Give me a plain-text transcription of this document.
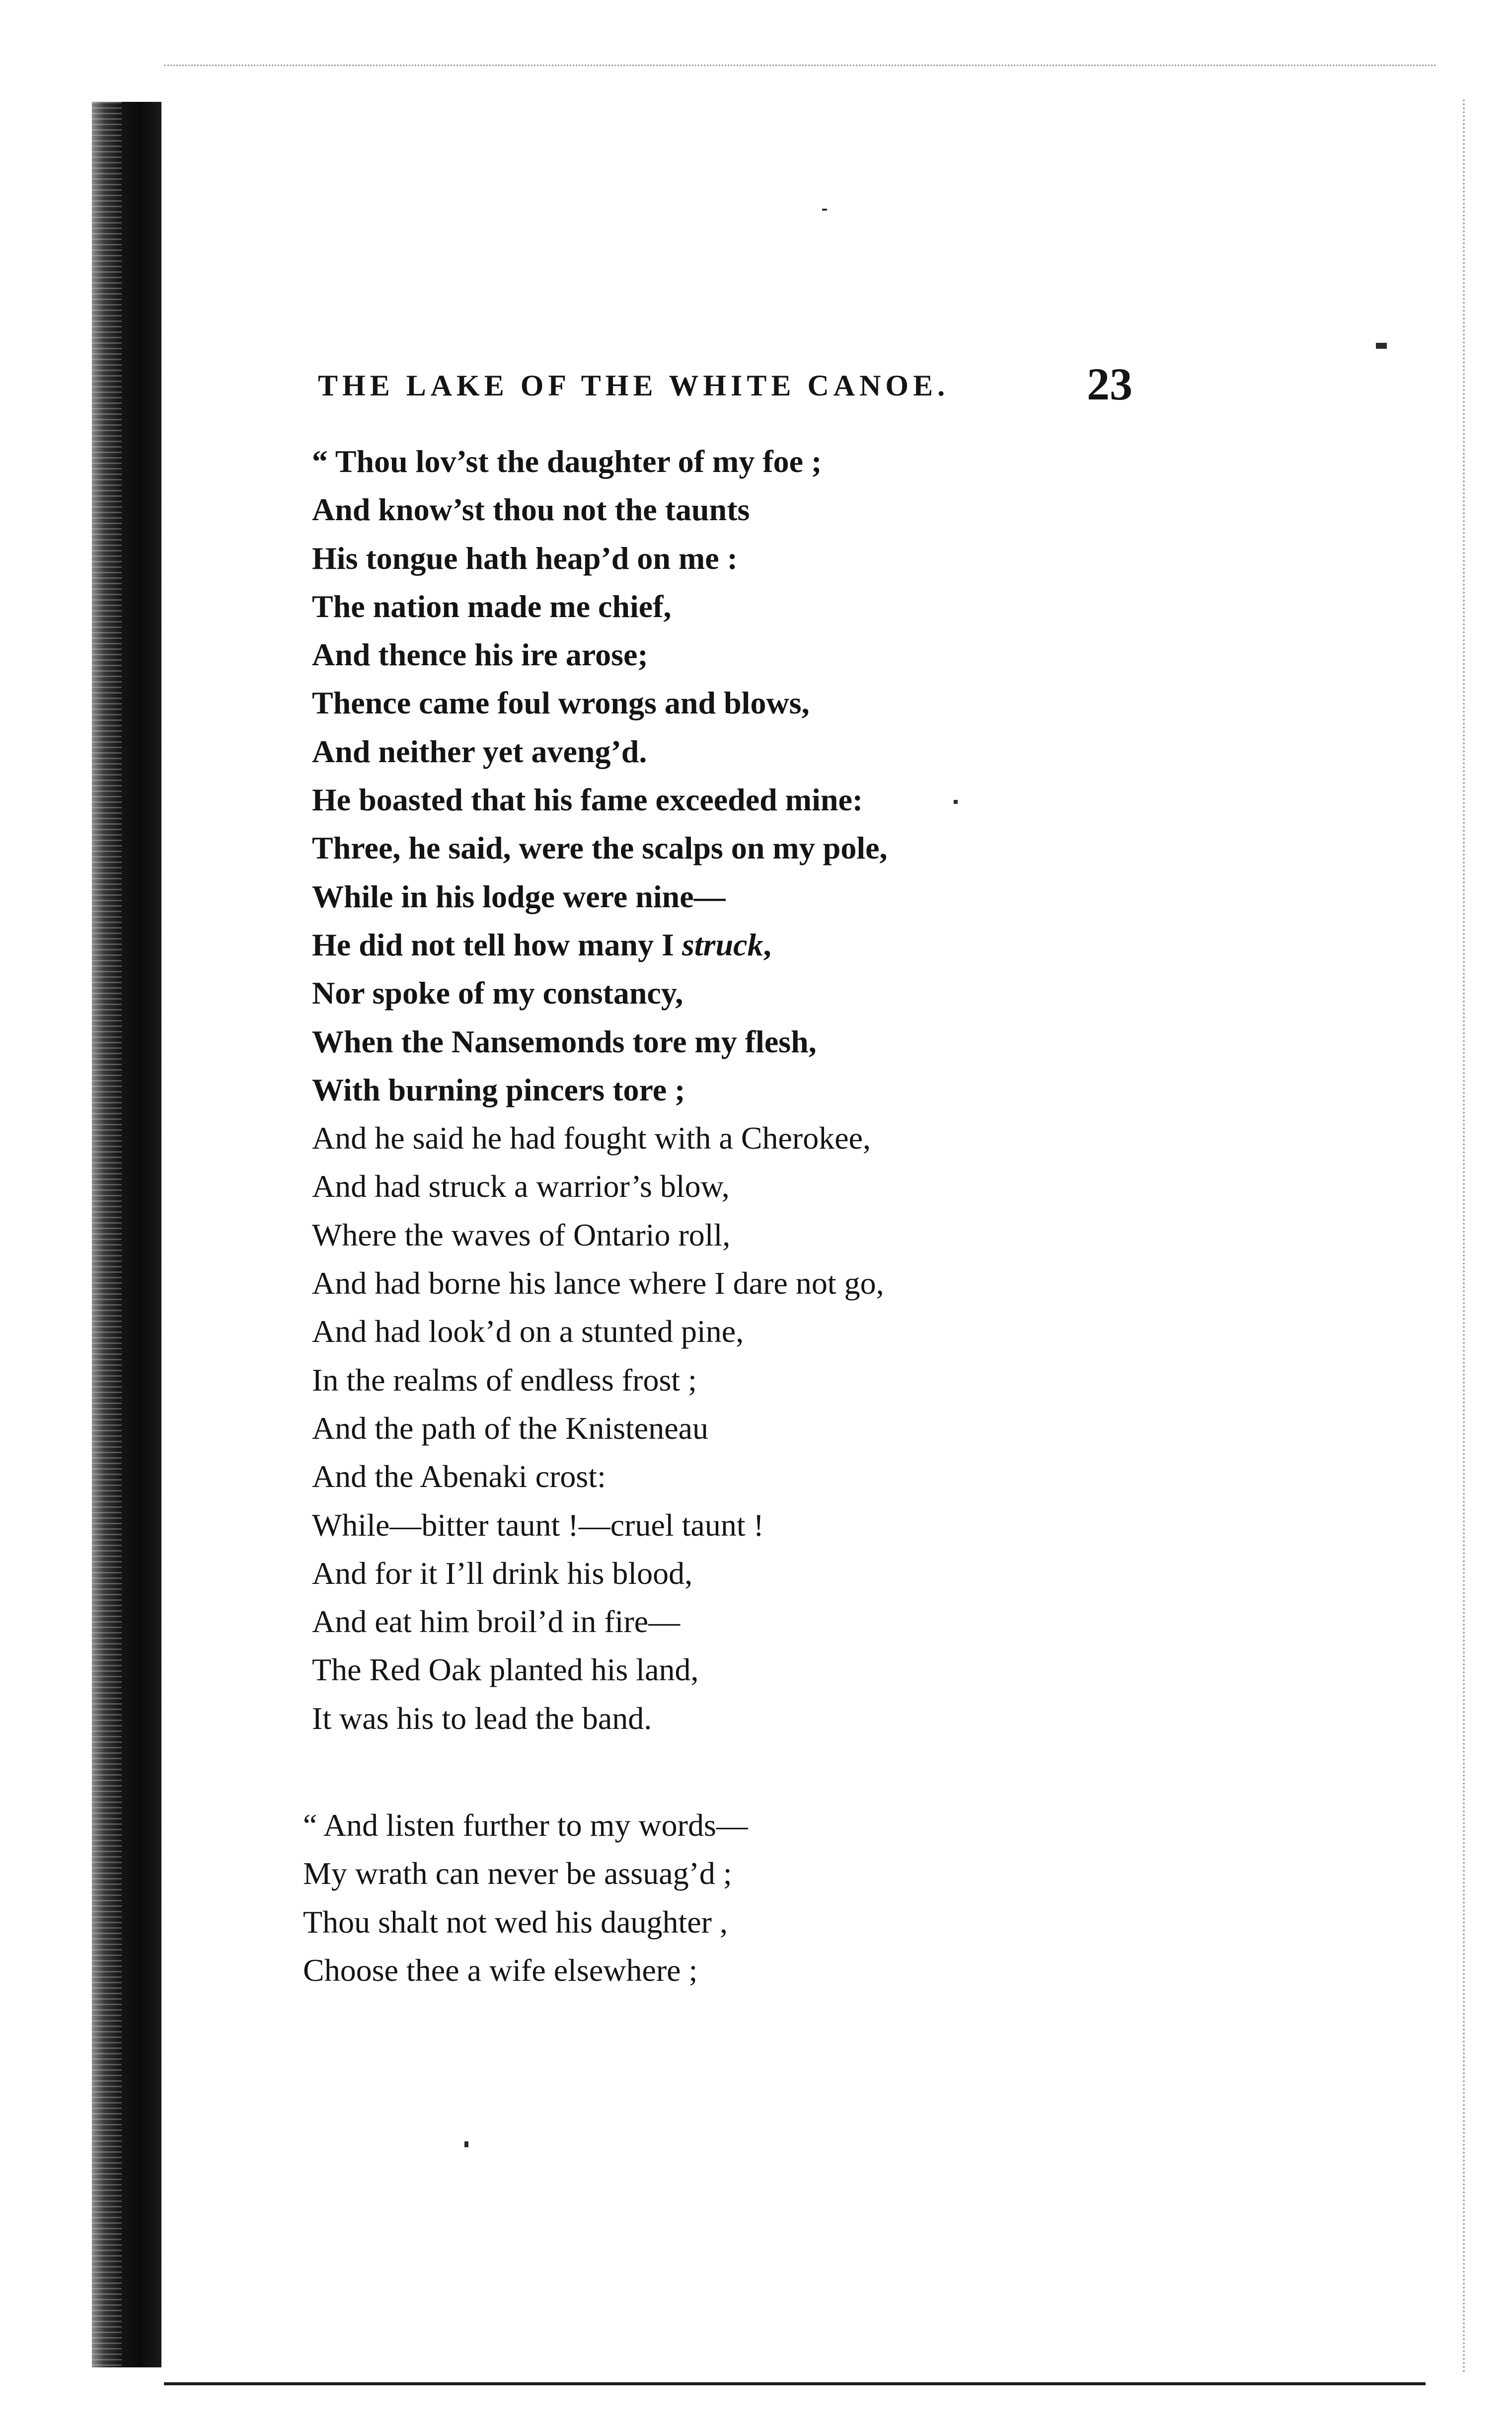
THE LAKE OF THE WHITE CANOE.	23
“ Thou lov’st the daughter of my foe ;
And know’st thou not the taunts
His tongue hath heap’d on me :
The nation made me chief,
And thence his ire arose;
Thence came foul wrongs and blows,
And neither yet aveng’d.
He boasted that his fame exceeded mine:
Three, he said, were the scalps on my pole,
While in his lodge were nine—
He did not tell how many I struck,
Nor spoke of my constancy,
When the Nansemonds tore my flesh,
With burning pincers tore ;
And he said he had fought with a Cherokee,
And had struck a warrior’s blow,
Where the waves of Ontario roll,
And had borne his lance where I dare not go,
And had look’d on a stunted pine,
In the realms of endless frost ;
And the path of the Knisteneau
And the Abenaki crost:
While—bitter taunt !—cruel taunt !
And for it I’ll drink his blood,
And eat him broil’d in fire—
The Red Oak planted his land,
It was his to lead the band.
“ And listen further to my words—
My wrath can never be assuag’d ;
Thou shalt not wed his daughter ,
Choose thee a wife elsewhere ;
